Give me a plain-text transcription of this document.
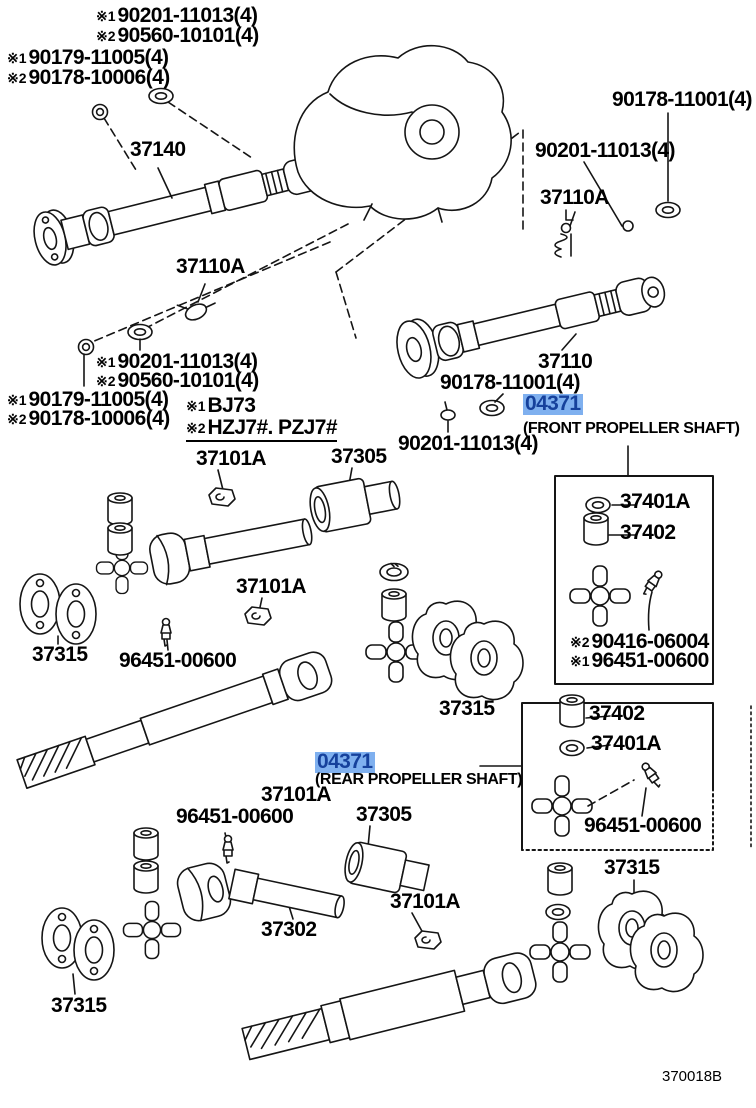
※190201-11013(4)
※290560-10101(4)
※190179-11005(4)
※290178-10006(4)
37140
90178-11001(4)
90201-11013(4)
37110A
37110A
※190201-11013(4)
※290560-10101(4)
※190179-11005(4)
※290178-10006(4)
※1BJ73
※2HZJ7#. PZJ7#
37110
90178-11001(4)
04371
(FRONT PROPELLER SHAFT)
90201-11013(4)
37101A	37305
37401A
37402
37101A
37315 96451-00600
※290416-06004
※196451-00600
37315	37402
37401A
04371
(REAR PROPELLER SHAFT)
37101A
96451-00600	37305	96451-00600
37315
37101A
37302
37315
370018B
